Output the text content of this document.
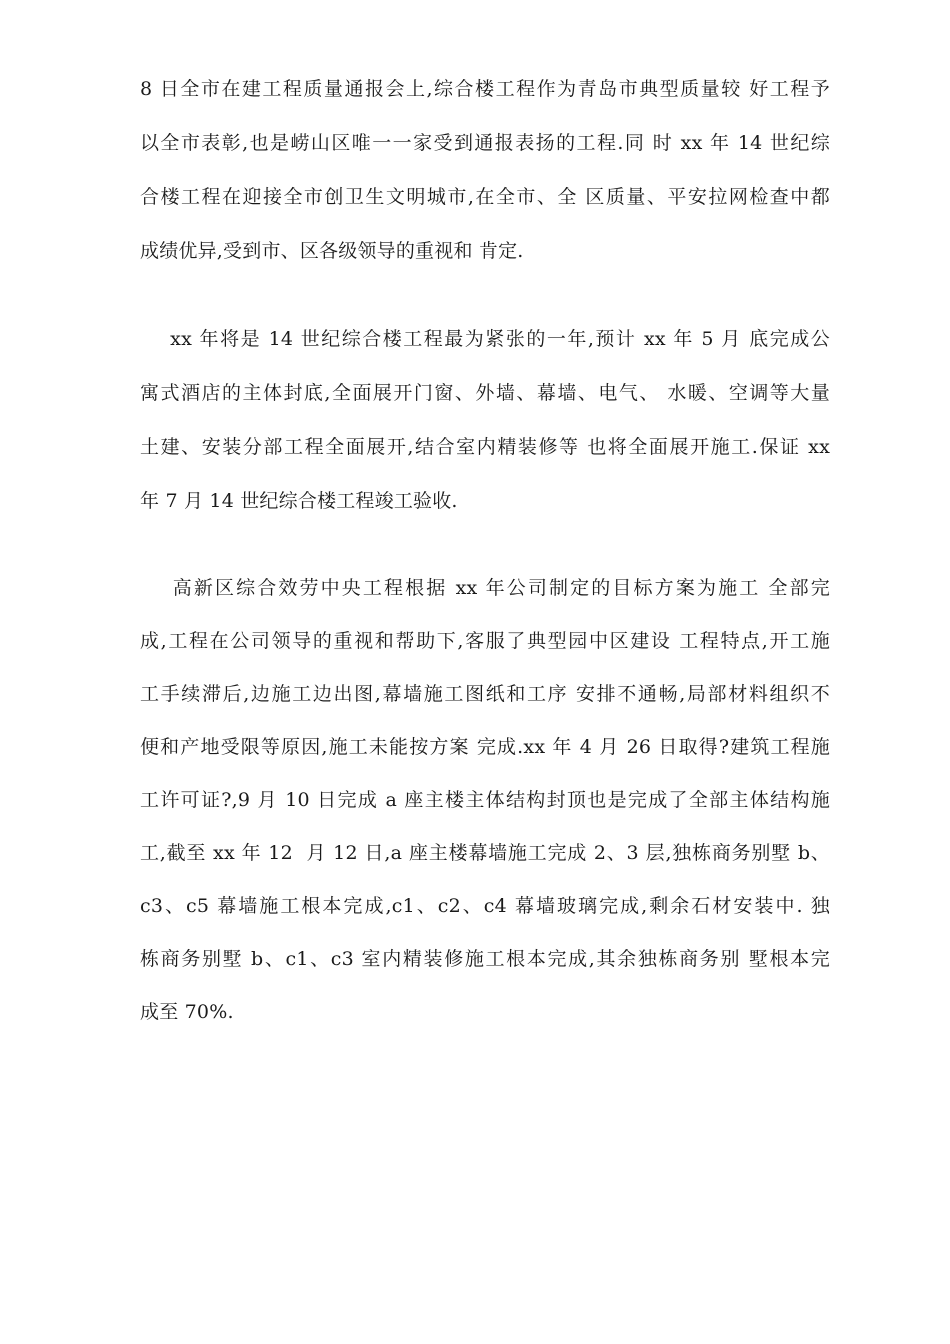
8 日全市在建工程质量通报会上,综合楼工程作为青岛市典型质量较 好工程予
以全市表彰,也是崂山区唯一一家受到通报表扬的工程.同 时 xx 年 14 世纪综
合楼工程在迎接全市创卫生文明城市,在全市、全 区质量、平安拉网检查中都
成绩优异,受到市、区各级领导的重视和 肯定.
xx 年将是 14 世纪综合楼工程最为紧张的一年,预计 xx 年 5 月 底完成公
寓式酒店的主体封底,全面展开门窗、外墙、幕墙、电气、 水暖、空调等大量
土建、安装分部工程全面展开,结合室内精装修等 也将全面展开施工.保证 xx
年 7 月 14 世纪综合楼工程竣工验收.
高新区综合效劳中央工程根据 xx 年公司制定的目标方案为施工 全部完
成,工程在公司领导的重视和帮助下,客服了典型园中区建设 工程特点,开工施
工手续滞后,边施工边出图,幕墙施工图纸和工序 安排不通畅,局部材料组织不
便和产地受限等原因,施工未能按方案 完成.xx 年 4 月 26 日取得?建筑工程施
工许可证?,9 月 10 日完成 a 座主楼主体结构封顶也是完成了全部主体结构施
工,截至 xx 年 12  月 12 日,a 座主楼幕墙施工完成 2、3 层,独栋商务别墅 b、
c3、c5 幕墙施工根本完成,c1、c2、c4 幕墙玻璃完成,剩余石材安装中. 独
栋商务别墅 b、c1、c3 室内精装修施工根本完成,其余独栋商务别 墅根本完
成至 70%.
